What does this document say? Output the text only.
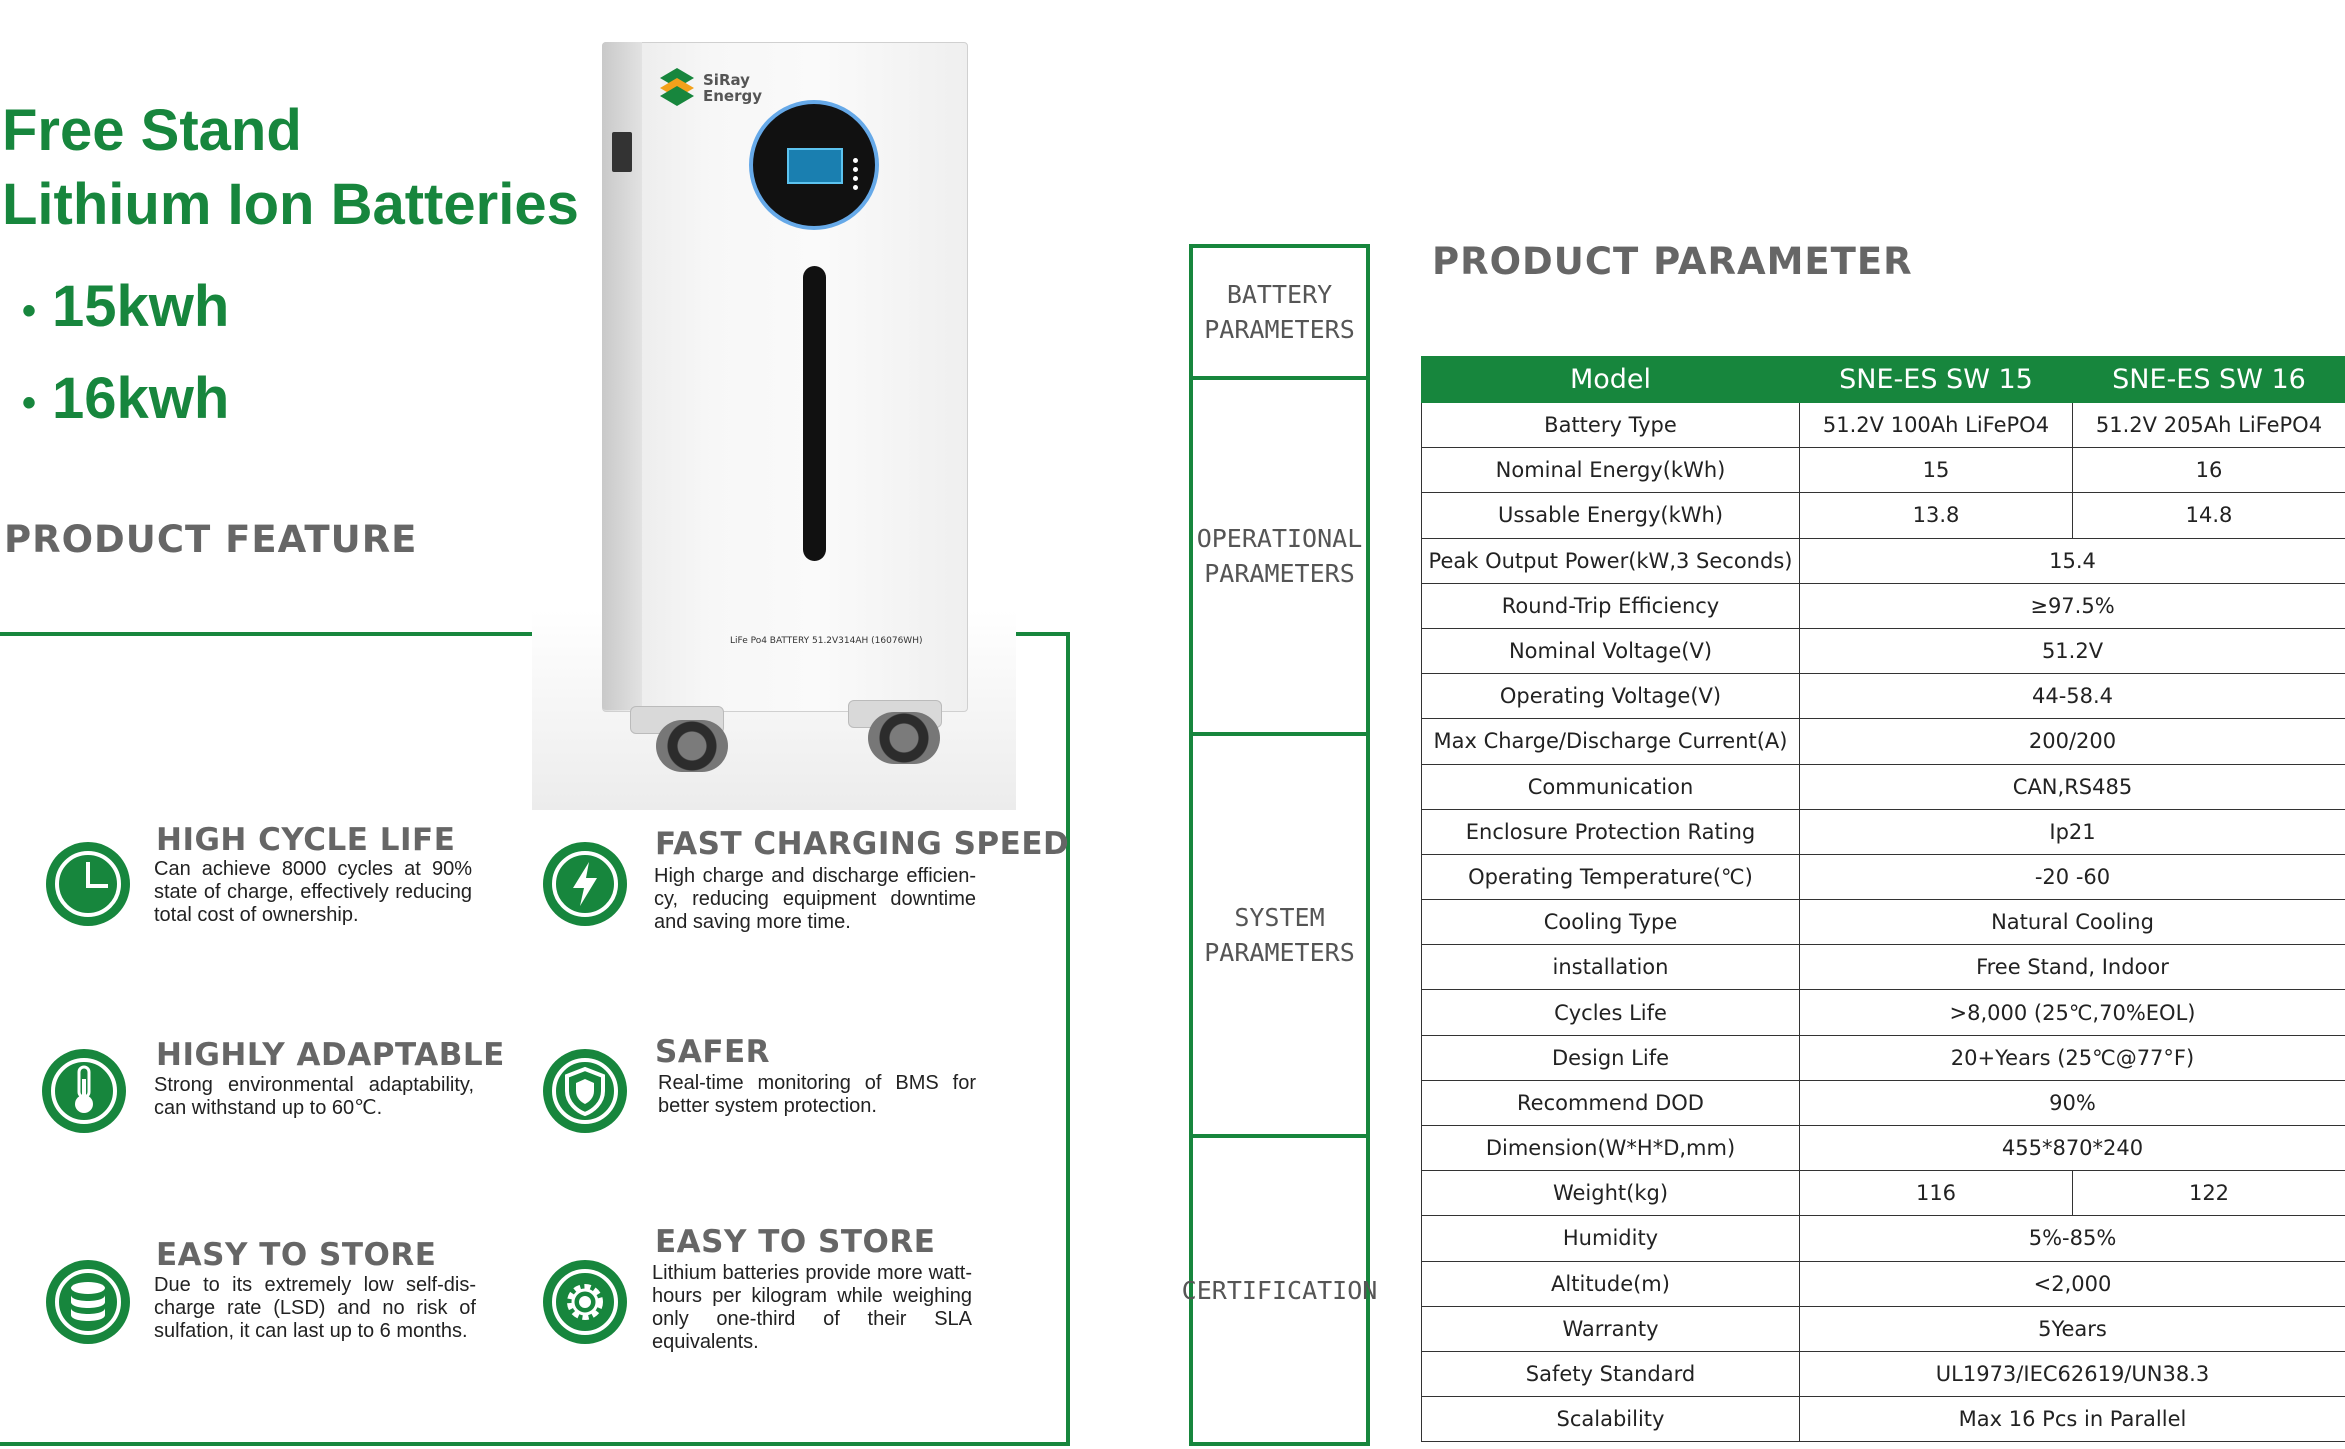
Free Stand
Lithium Ion Batteries
• 15kwh
• 16kwh
PRODUCT FEATURE
SiRay
Energy
LiFe Po4 BATTERY 51.2V314AH (16076WH)
HIGH CYCLE LIFE
Can achieve 8000 cycles at 90% state of charge, effectively reducing total cost of ownership.
FAST CHARGING SPEED
High charge and discharge efficien-cy, reducing equipment downtime and saving more time.
HIGHLY ADAPTABLE
Strong environmental adaptability, can withstand up to 60℃.
SAFER
Real-time monitoring of BMS for better system protection.
EASY TO STORE
Due to its extremely low self-dis-charge rate (LSD) and no risk of sulfation, it can last up to 6 months.
EASY TO STORE
Lithium batteries provide more watt-hours per kilogram while weighing only one-third of their SLA equivalents.
BATTERY
PARAMETERS
OPERATIONAL
PARAMETERS
SYSTEM
PARAMETERS
CERTIFICATION
PRODUCT PARAMETER
Model	SNE-ES SW 15	SNE-ES SW 16
Battery Type	51.2V 100Ah LiFePO4	51.2V 205Ah LiFePO4
Nominal Energy(kWh)	15	16
Ussable Energy(kWh)	13.8	14.8
Peak Output Power(kW,3 Seconds)	15.4	
Round-Trip Efficiency	≥97.5%	
Nominal Voltage(V)	51.2V	
Operating Voltage(V)	44-58.4	
Max Charge/Discharge Current(A)	200/200	
Communication	CAN,RS485	
Enclosure Protection Rating	Ip21	
Operating Temperature(℃)	-20 -60	
Cooling Type	Natural Cooling	
installation	Free Stand, Indoor	
Cycles Life	>8,000 (25℃,70%EOL)	
Design Life	20+Years (25℃@77°F)	
Recommend DOD	90%	
Dimension(W*H*D,mm)	455*870*240	
Weight(kg)	116	122
Humidity	5%-85%	
Altitude(m)	<2,000	
Warranty	5Years	
Safety Standard	UL1973/IEC62619/UN38.3	
Scalability	Max 16 Pcs in Parallel	
